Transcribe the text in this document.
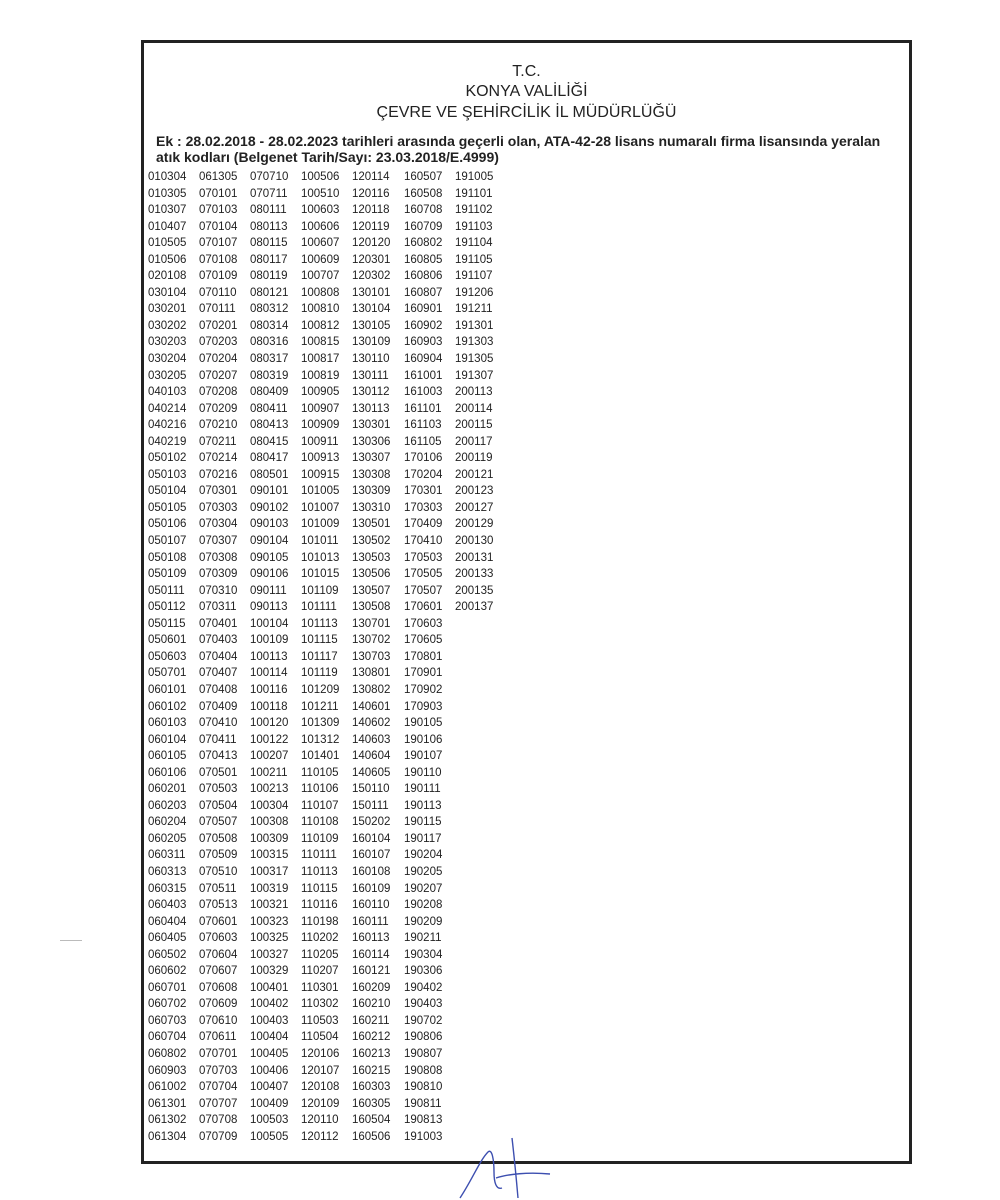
T.C.
KONYA VALİLİĞİ
ÇEVRE VE ŞEHİRCİLİK İL MÜDÜRLÜĞÜ
Ek : 28.02.2018 - 28.02.2023 tarihleri arasında geçerli olan, ATA-42-28 lisans numaralı firma lisansında yeralan atık kodları (Belgenet Tarih/Sayı: 23.03.2018/E.4999)
010304
010305
010307
010407
010505
010506
020108
030104
030201
030202
030203
030204
030205
040103
040214
040216
040219
050102
050103
050104
050105
050106
050107
050108
050109
050111
050112
050115
050601
050603
050701
060101
060102
060103
060104
060105
060106
060201
060203
060204
060205
060311
060313
060315
060403
060404
060405
060502
060602
060701
060702
060703
060704
060802
060903
061002
061301
061302
061304
061305
070101
070103
070104
070107
070108
070109
070110
070111
070201
070203
070204
070207
070208
070209
070210
070211
070214
070216
070301
070303
070304
070307
070308
070309
070310
070311
070401
070403
070404
070407
070408
070409
070410
070411
070413
070501
070503
070504
070507
070508
070509
070510
070511
070513
070601
070603
070604
070607
070608
070609
070610
070611
070701
070703
070704
070707
070708
070709
070710
070711
080111
080113
080115
080117
080119
080121
080312
080314
080316
080317
080319
080409
080411
080413
080415
080417
080501
090101
090102
090103
090104
090105
090106
090111
090113
100104
100109
100113
100114
100116
100118
100120
100122
100207
100211
100213
100304
100308
100309
100315
100317
100319
100321
100323
100325
100327
100329
100401
100402
100403
100404
100405
100406
100407
100409
100503
100505
100506
100510
100603
100606
100607
100609
100707
100808
100810
100812
100815
100817
100819
100905
100907
100909
100911
100913
100915
101005
101007
101009
101011
101013
101015
101109
101111
101113
101115
101117
101119
101209
101211
101309
101312
101401
110105
110106
110107
110108
110109
110111
110113
110115
110116
110198
110202
110205
110207
110301
110302
110503
110504
120106
120107
120108
120109
120110
120112
120114
120116
120118
120119
120120
120301
120302
130101
130104
130105
130109
130110
130111
130112
130113
130301
130306
130307
130308
130309
130310
130501
130502
130503
130506
130507
130508
130701
130702
130703
130801
130802
140601
140602
140603
140604
140605
150110
150111
150202
160104
160107
160108
160109
160110
160111
160113
160114
160121
160209
160210
160211
160212
160213
160215
160303
160305
160504
160506
160507
160508
160708
160709
160802
160805
160806
160807
160901
160902
160903
160904
161001
161003
161101
161103
161105
170106
170204
170301
170303
170409
170410
170503
170505
170507
170601
170603
170605
170801
170901
170902
170903
190105
190106
190107
190110
190111
190113
190115
190117
190204
190205
190207
190208
190209
190211
190304
190306
190402
190403
190702
190806
190807
190808
190810
190811
190813
191003
191005
191101
191102
191103
191104
191105
191107
191206
191211
191301
191303
191305
191307
200113
200114
200115
200117
200119
200121
200123
200127
200129
200130
200131
200133
200135
200137
